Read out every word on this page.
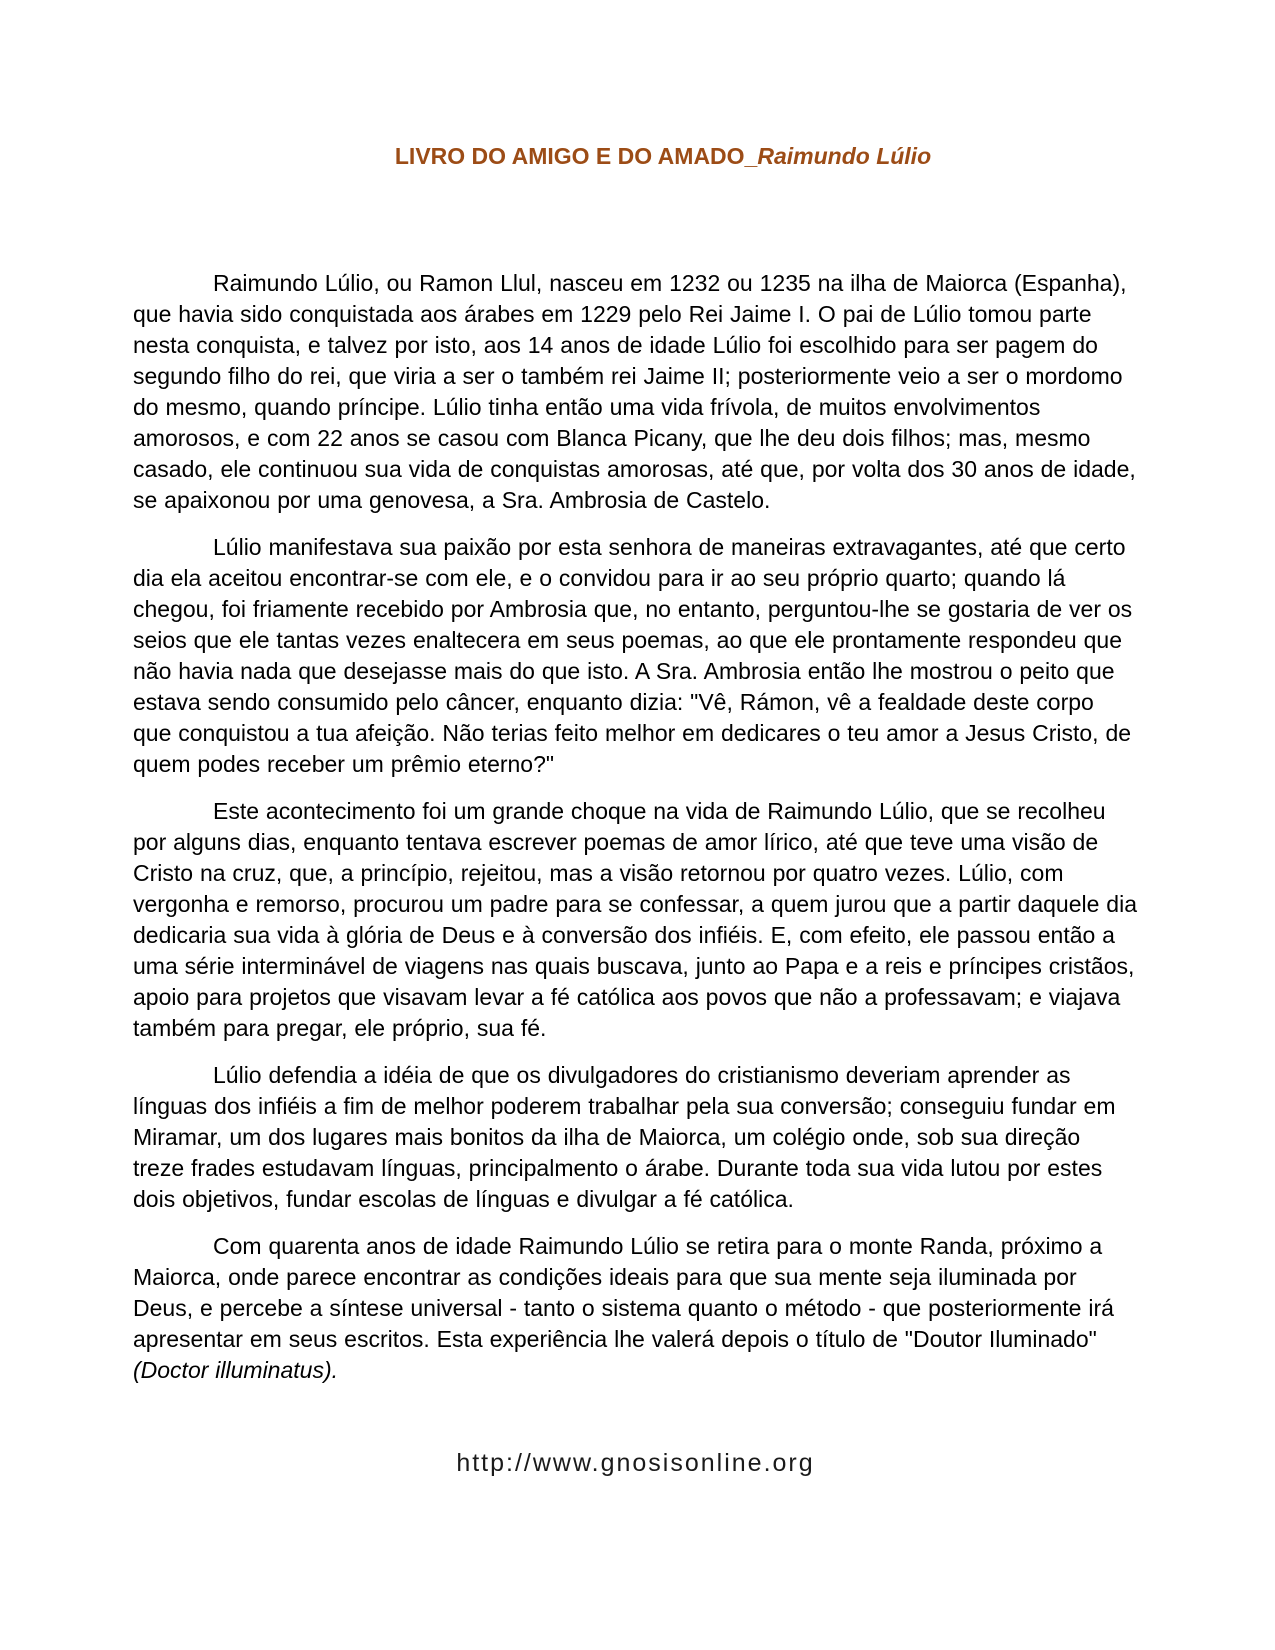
LIVRO DO AMIGO E DO AMADO_Raimundo Lúlio

Raimundo Lúlio, ou Ramon Llul, nasceu em 1232 ou 1235 na ilha de Maiorca (Espanha), que havia sido conquistada aos árabes em 1229 pelo Rei Jaime I. O pai de Lúlio tomou parte nesta conquista, e talvez por isto, aos 14 anos de idade Lúlio foi escolhido para ser pagem do segundo filho do rei, que viria a ser o também rei Jaime II; posteriormente veio a ser o mordomo do mesmo, quando príncipe. Lúlio tinha então uma vida frívola, de muitos envolvimentos amorosos, e com 22 anos se casou com Blanca Picany, que lhe deu dois filhos; mas, mesmo casado, ele continuou sua vida de conquistas amorosas, até que, por volta dos 30 anos de idade, se apaixonou por uma genovesa, a Sra. Ambrosia de Castelo.

Lúlio manifestava sua paixão por esta senhora de maneiras extravagantes, até que certo dia ela aceitou encontrar-se com ele, e o convidou para ir ao seu próprio quarto; quando lá chegou, foi friamente recebido por Ambrosia que, no entanto, perguntou-lhe se gostaria de ver os seios que ele tantas vezes enaltecera em seus poemas, ao que ele prontamente respondeu que não havia nada que desejasse mais do que isto. A Sra. Ambrosia então lhe mostrou o peito que estava sendo consumido pelo câncer, enquanto dizia: "Vê, Rámon, vê a fealdade deste corpo que conquistou a tua afeição. Não terias feito melhor em dedicares o teu amor a Jesus Cristo, de quem podes receber um prêmio eterno?"

Este acontecimento foi um grande choque na vida de Raimundo Lúlio, que se recolheu por alguns dias, enquanto tentava escrever poemas de amor lírico, até que teve uma visão de Cristo na cruz, que, a princípio, rejeitou, mas a visão retornou por quatro vezes. Lúlio, com vergonha e remorso, procurou um padre para se confessar, a quem jurou que a partir daquele dia dedicaria sua vida à glória de Deus e à conversão dos infiéis. E, com efeito, ele passou então a uma série interminável de viagens nas quais buscava, junto ao Papa e a reis e príncipes cristãos, apoio para projetos que visavam levar a fé católica aos povos que não a professavam; e viajava também para pregar, ele próprio, sua fé.

Lúlio defendia a idéia de que os divulgadores do cristianismo deveriam aprender as línguas dos infiéis a fim de melhor poderem trabalhar pela sua conversão; conseguiu fundar em Miramar, um dos lugares mais bonitos da ilha de Maiorca, um colégio onde, sob sua direção treze frades estudavam línguas, principalmento o árabe. Durante toda sua vida lutou por estes dois objetivos, fundar escolas de línguas e divulgar a fé católica.

Com quarenta anos de idade Raimundo Lúlio se retira para o monte Randa, próximo a Maiorca, onde parece encontrar as condições ideais para que sua mente seja iluminada por Deus, e percebe a síntese universal - tanto o sistema quanto o método - que posteriormente irá apresentar em seus escritos. Esta experiência lhe valerá depois o título de "Doutor Iluminado" (Doctor illuminatus).

http://www.gnosisonline.org
